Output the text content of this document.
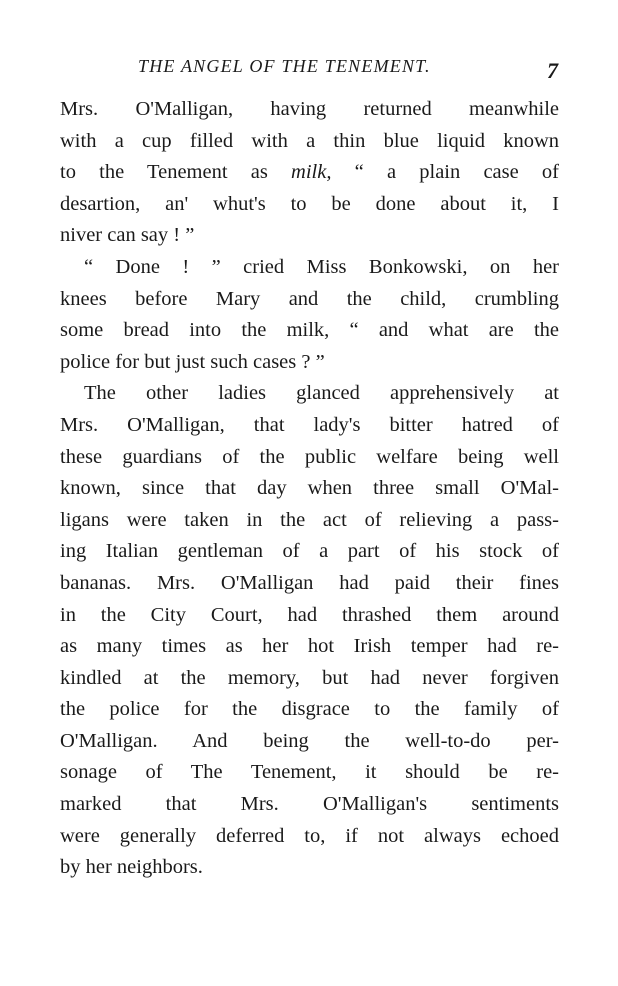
THE ANGEL OF THE TENEMENT.	7
Mrs. O'Malligan, having returned meanwhile
with a cup filled with a thin blue liquid known
to the Tenement as milk, “ a plain case of
desartion, an' whut's to be done about it, I
niver can say ! ”
“ Done ! ” cried Miss Bonkowski, on her
knees before Mary and the child, crumbling
some bread into the milk, “ and what are the
police for but just such cases ? ”
The other ladies glanced apprehensively at
Mrs. O'Malligan, that lady's bitter hatred of
these guardians of the public welfare being well
known, since that day when three small O'Mal-
ligans were taken in the act of relieving a pass-
ing Italian gentleman of a part of his stock of
bananas. Mrs. O'Malligan had paid their fines
in the City Court, had thrashed them around
as many times as her hot Irish temper had re-
kindled at the memory, but had never forgiven
the police for the disgrace to the family of
O'Malligan. And being the well-to-do per-
sonage of The Tenement, it should be re-
marked that Mrs. O'Malligan's sentiments
were generally deferred to, if not always echoed
by her neighbors.
